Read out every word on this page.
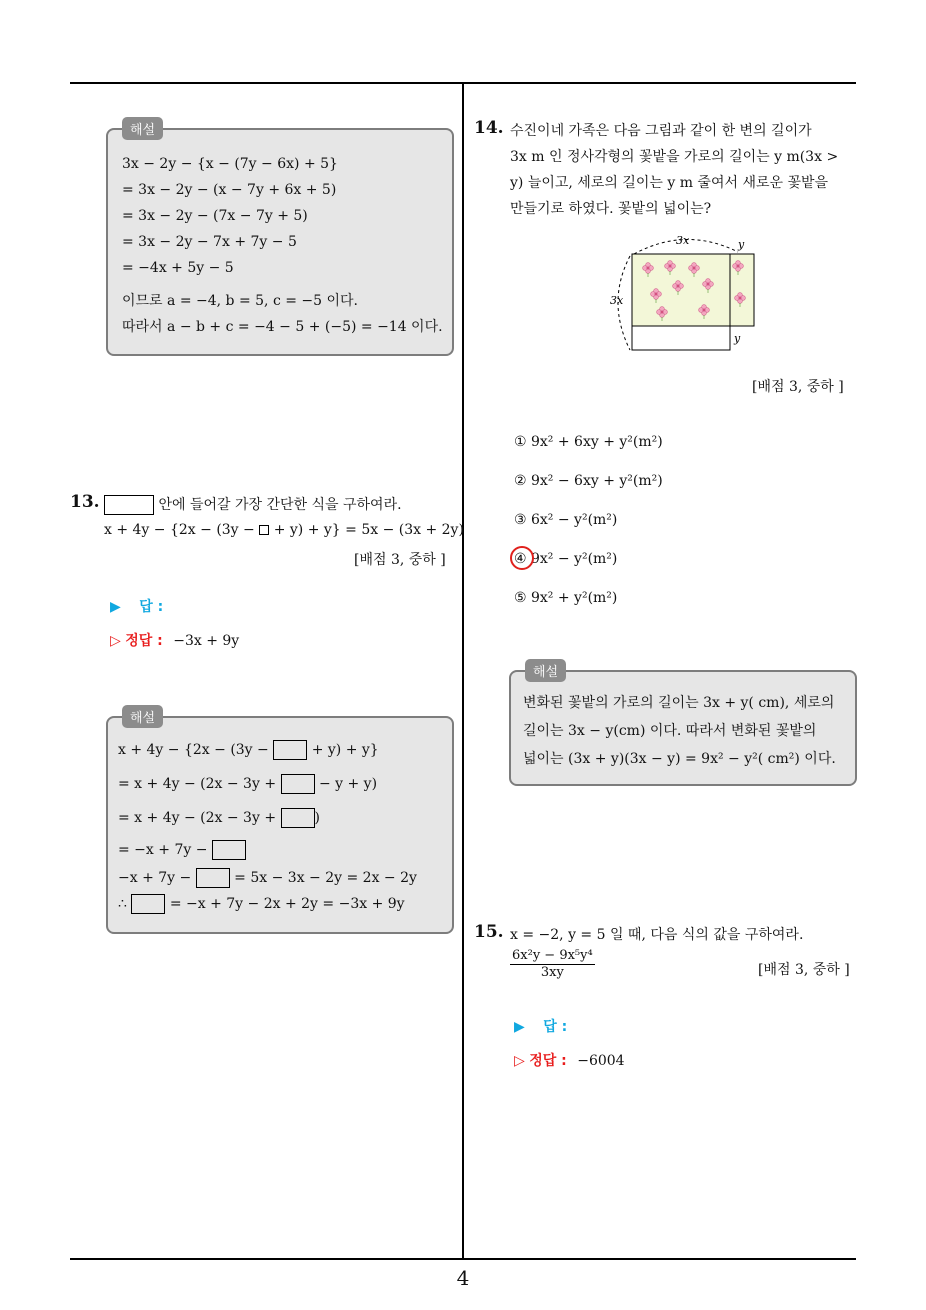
4
해설
3x − 2y − {x − (7y − 6x) + 5}
= 3x − 2y − (x − 7y + 6x + 5)
= 3x − 2y − (7x − 7y + 5)
= 3x − 2y − 7x + 7y − 5
= −4x + 5y − 5
이므로 a = −4, b = 5, c = −5 이다.
따라서 a − b + c = −4 − 5 + (−5) = −14 이다.
13.	안에 들어갈 가장 간단한 식을 구하여라.
x + 4y − {2x − (3y − + y) + y} = 5x − (3x + 2y)
[배점 3, 중하 ]
▶ 답 :
▷ 정답 : −3x + 9y
해설
x + 4y − {2x − (3y −	+ y) + y}
= x + 4y − (2x − 3y +	− y + y)
= x + 4y − (2x − 3y +	)
= −x + 7y −
−x + 7y −	= 5x − 3x − 2y = 2x − 2y
∴	= −x + 7y − 2x + 2y = −3x + 9y
14. 수진이네 가족은 다음 그림과 같이 한 변의 길이가
3x m 인 정사각형의 꽃밭을 가로의 길이는 y m(3x >
y) 늘이고, 세로의 길이는 y m 줄여서 새로운 꽃밭을
만들기로 하였다. 꽃밭의 넓이는?
3x	y
3x
y
[배점 3, 중하 ]
① 9x² + 6xy + y²(m²)
② 9x² − 6xy + y²(m²)
③ 6x² − y²(m²)
④ 9x² − y²(m²)
⑤ 9x² + y²(m²)
해설
변화된 꽃밭의 가로의 길이는 3x + y( cm), 세로의
길이는 3x − y(cm) 이다. 따라서 변화된 꽃밭의
넓이는 (3x + y)(3x − y) = 9x² − y²( cm²) 이다.
15. x = −2, y = 5 일 때, 다음 식의 값을 구하여라.
$\frac{\text{6x²y − 9x⁵y⁴}}{3xy}$	[배점 3, 중하 ]
▶ 답 :
▷ 정답 : −6004
